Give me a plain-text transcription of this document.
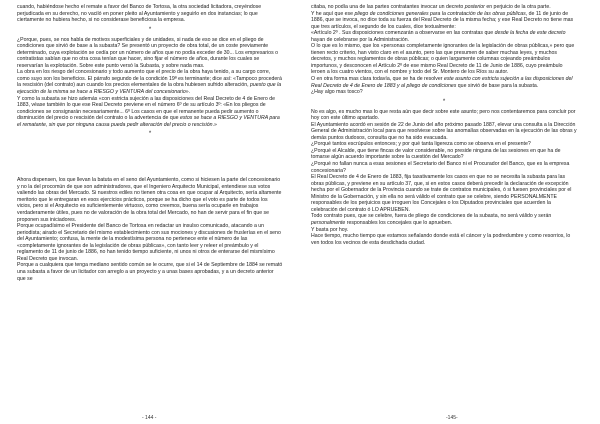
cuando, habiéndose hecho el remate a favor del Banco de Tortosa, la otra sociedad licitadora, creyéndose perjudicada en su derecho, no vaciló en poner pleito al Ayuntamiento y seguirlo en dos instancias; lo que ciertamente no hubiera hecho, si no considerase beneficiosa la empresa.

*

¿Porque, pues, se nos habla de motivos superficiales y de unidades, si nada de eso se dice en el pliego de condiciones que sirvió de base a la subasta? Se presentó un proyecto de obra total, de un coste previamente determinado, cuya explotación se cedía por un número de años que no podía exceder de 30... Los empresarios o contratistas sabían que no otra cosa tenían que hacer, sino fijar el número de años, durante los cuales se reservarían la explotación. Sobre este punto versó la Subasta, y sobre nada mas.

La obra en los riesgo del concesionario y todo aumento que el precio de la obra haya tenido, a su cargo corre, como suyo son los beneficios. El párrafo segundo de la condición 19ª es terminante; dice así: «Tampoco procederá la rescisión (del contrato) aun cuando los precios elementales de la obra hubiesen sufrido alteración, puesto que la ejecución de la misma se hace a RIESGO y VENTURA del concesionario».

Y como la subasta se hizo además «con estricta sujeción a las disposiciones del Real Decreto de 4 de Enero de 1883, véase también lo que ese Real Decreto previene en el número 6º de su artículo 3º: «En los pliegos de condiciones se consignarán necesariamente... 6º Los casos en que el remanente pueda pedir aumento o disminución del precio o rescisión del contrato o la advertencia de que estos se hace a RIESGO y VENTURA para el rematante, sin que por ninguna causa pueda pedir alteración del precio o rescisión.»

*

Ahora dispensen, los que llevan la batuta en el seno del Ayuntamiento, como si hiciesen la parte del concesionario y no la del procomún de que son administradores, que el Ingeniero Arquitecto Municipal, entendiese sus votos valiendo las obras del Mercado. Si nuestros ediles no tienen otra cosa en que ocupar al Arquitecto, sería altamente meritorio que le entregaran en esos ejercicios prácticos, porque se ha dicho que el voto es parte de todos los vicios, pero si el Arquitecto es suficientemente virtuoso, como creemos, buena sería ocuparle en trabajos verdaderamente útiles, pues no de valoración de la obra total del Mercado, no han de servir para el fin que se proponen sus iniciadores.

Porque ocupadísimo el Presidente del Banco de Tortosa en redactar un insulso comunicado, atacando a un periodista; airado el Secretario del mismo establecimiento con sus mociones y discusiones de fruslerías en el seno del Ayuntamiento; confusa, la mente de la modestísima persona no pertenece ente el número de las «completamente ignorantes de la legislación de obras públicas», con tanto leer y releer el preámbulo y el reglamento de 11 de junio de 1886, no han tenido tiempo suficiente, ni unos ni otros de enterarse del mismísimo Real Decreto que invocan.

Porque a cualquiera que tenga mediano sentido común se le ocurre, que si el 14 de Septiembre de 1884 se remató una subasta a favor de un licitador con arreglo a un proyecto y a unas bases aprobadas, y a un decreto anterior que se

citaba, no podía una de las partes contratantes invocar un decreto posterior en perjuicio de la otra parte.

Y he aquí que ese pliego de condiciones generales para la contratación de las obras públicas, de 11 de junio de 1886, que se invoca, no dice toda su fuerza del Real Decreto de la misma fecha; y ese Real Decreto no tiene mas que tres artículos, el segundo de los cuales, dice textualmente:

«Artículo 2º . Sus disposiciones comenzarán a observarse en las contratas que desde la fecha de este decreto hayan de celebrarse por la Administración.

O lo que es lo mismo, que los «personas completamente ignorantes de la legislación de obras públicas,» pero que tienen recto criterio, han visto claro en el asunto, pero las que presumen de saber muchas leyes, y muchos decretos, y muchos reglamentos de obras públicas; o quien largamente columnas cojeando preámbulos importunos, y desconocen el Artículo 2º de ese mismo Real Decreto de 11 de Junio de 1886, cuyo preámbulo leroen a los cuatro vientos, con el nombre y todo del Sr. Montero de los Ríos su autor.

O en otra forma mas clara todavía, que se ha de resolver este asunto con estricta sujeción a las disposiciones del Real Decreto de 4 de Enero de 1883 y al pliego de condiciones que sirvió de base para la subasta.

¿Hay algo mas tosco?

*

No es algo, es mucho mas lo que resta aún que decir sobre este asunto; pero nos contentaremos para concluir por hoy con este último apartado.

El Ayuntamiento acordó en sesión de 22 de Junio del año próximo pasado 1887, elevar una consulta a la Dirección General de Administración local para que resolviese sobre las anomalías observadas en la ejecución de las obras y demás puntos dudosos, consulta que no ha sido evacuada.

¿Porqué tantos escrúpulos entonces; y por qué tanta ligereza como se observa en el presente?

¿Porqué el Alcalde, que tiene fincas de valor considerable, no preside ninguna de las sesiones en que ha de tomarse algún acuerdo importante sobre la cuestión del Mercado?

¿Porqué no fallan nunca a esas sesiones el Secretario del Banco ni el Procurador del Banco, que es la empresa concesionaria?

El Real Decreto de 4 de Enero de 1883, fija taxativamente los casos en que no se necesita la subasta para las obras públicas, y previene en su artículo 37, que, si en estos casos deberá precedir la declaración de excepción hecha por el Gobernador de la Provincia cuando se trate de contratos municipales, ó si fuesen provinciales por el Ministro de la Gobernación, y sin ella no será válido el contrato que se celebre, siendo PERSONALMENTE responsables de los perjuicios que irroguen los Concejales o los Diputados provinciales que acuerden la celebración del contrato ó LO APRUEBEN.

Todo contrato pues, que se celebre, fuera de pliego de condiciones de la subasta, no será válido y serán personalmente responsables los concejales que lo aprueben.

Y basta por hoy.

Hace tiempo, mucho tiempo que estamos señalando donde está el cáncer y la podredumbre y como resorrios, lo ven todos los vecinos de esta desdichada ciudad.

- 144 -	-145-
